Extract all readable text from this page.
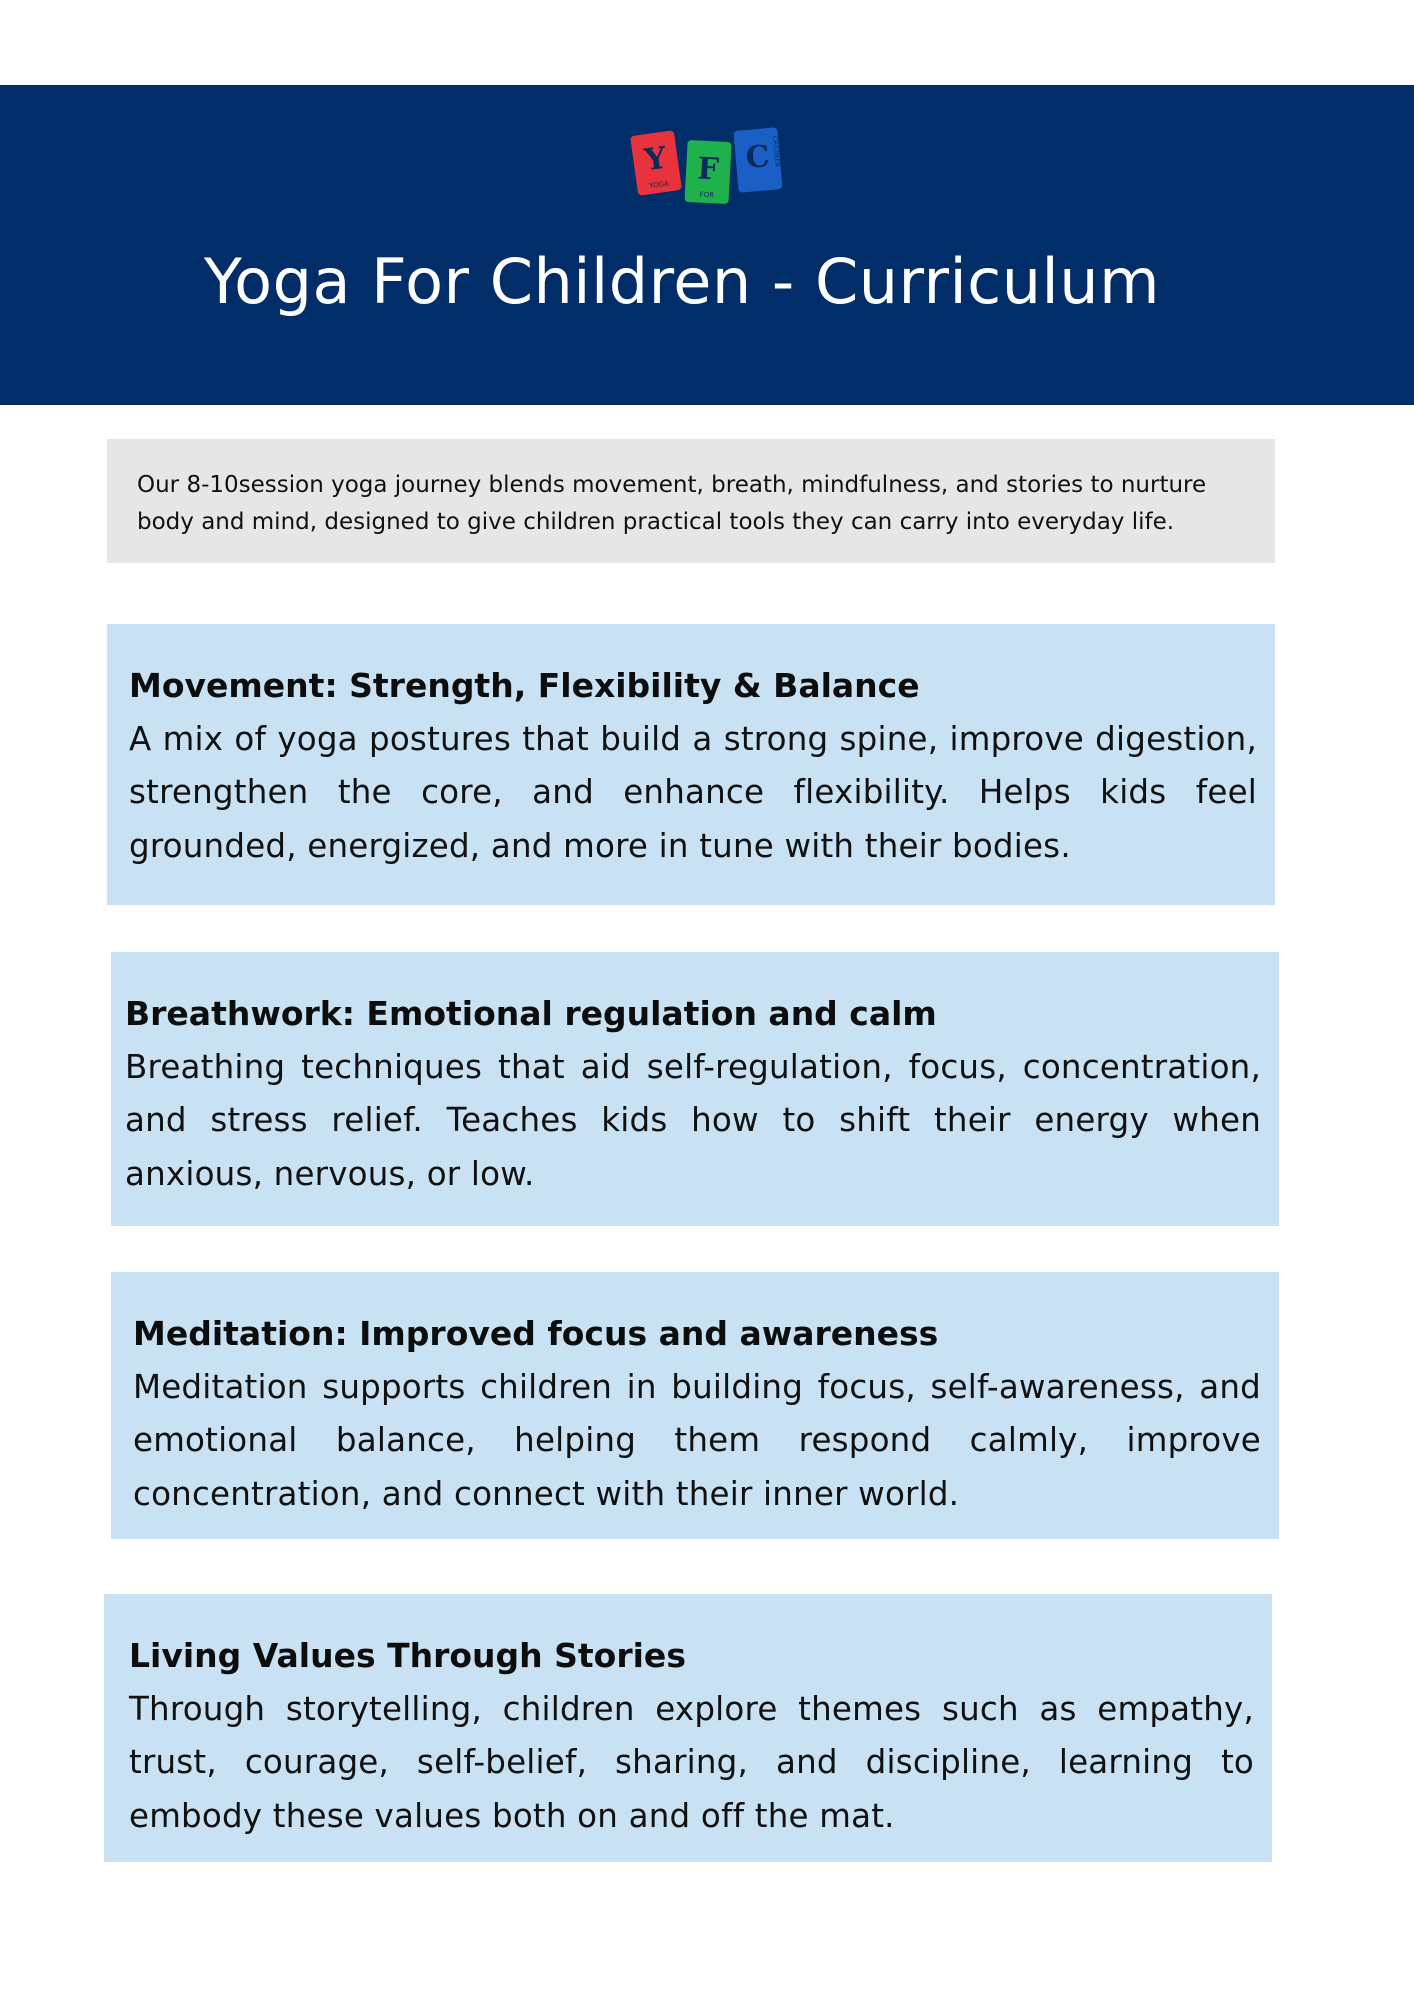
Y
YOGA F
FOR
C CHILDREN
Yoga For Children - Curriculum
Our 8-10session yoga journey blends movement, breath, mindfulness, and stories to nurture body and mind, designed to give children practical tools they can carry into everyday life.
Movement: Strength, Flexibility & Balance

A mix of yoga postures that build a strong spine, improve digestion, strengthen the core, and enhance flexibility. Helps kids feel grounded, energized, and more in tune with their bodies.

Breathwork: Emotional regulation and calm

Breathing techniques that aid self-regulation, focus, concentration, and stress relief. Teaches kids how to shift their energy when anxious, nervous, or low.

Meditation: Improved focus and awareness

Meditation supports children in building focus, self-awareness, and emotional balance, helping them respond calmly, improve concentration, and connect with their inner world.

Living Values Through Stories

Through storytelling, children explore themes such as empathy, trust, courage, self-belief, sharing, and discipline, learning to embody these values both on and off the mat.
